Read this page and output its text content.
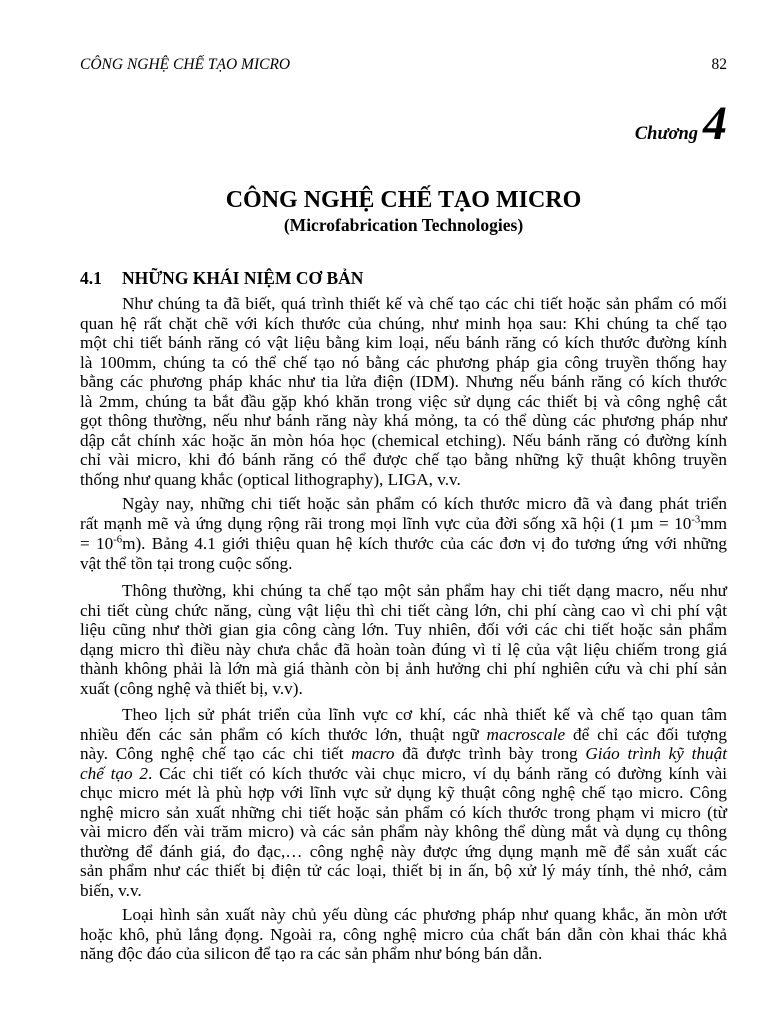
CÔNG NGHỆ CHẾ TẠO MICRO	82
Chương 4
CÔNG NGHỆ CHẾ TẠO MICRO
(Microfabrication Technologies)
4.1 NHỮNG KHÁI NIỆM CƠ BẢN
Như chúng ta đã biết, quá trình thiết kế và chế tạo các chi tiết hoặc sản phẩm có mối
quan hệ rất chặt chẽ với kích thước của chúng, như minh họa sau: Khi chúng ta chế tạo
một chi tiết bánh răng có vật liệu bằng kim loại, nếu bánh răng có kích thước đường kính
là 100mm, chúng ta có thể chế tạo nó bằng các phương pháp gia công truyền thống hay
bằng các phương pháp khác như tia lửa điện (IDM). Nhưng nếu bánh răng có kích thước
là 2mm, chúng ta bắt đầu gặp khó khăn trong việc sử dụng các thiết bị và công nghệ cắt
gọt thông thường, nếu như bánh răng này khá mỏng, ta có thể dùng các phương pháp như
dập cắt chính xác hoặc ăn mòn hóa học (chemical etching). Nếu bánh răng có đường kính
chỉ vài micro, khi đó bánh răng có thể được chế tạo bằng những kỹ thuật không truyền
thống như quang khắc (optical lithography), LIGA, v.v.
Ngày nay, những chi tiết hoặc sản phẩm có kích thước micro đã và đang phát triển
rất mạnh mẽ và ứng dụng rộng rãi trong mọi lĩnh vực của đời sống xã hội (1 $\mu m = 10^{-3}mm$
= $10^{-6}m$). Bảng 4.1 giới thiệu quan hệ kích thước của các đơn vị đo tương ứng với những
vật thể tồn tại trong cuộc sống.
Thông thường, khi chúng ta chế tạo một sản phẩm hay chi tiết dạng macro, nếu như
chi tiết cùng chức năng, cùng vật liệu thì chi tiết càng lớn, chi phí càng cao vì chi phí vật
liệu cũng như thời gian gia công càng lớn. Tuy nhiên, đối với các chi tiết hoặc sản phẩm
dạng micro thì điều này chưa chắc đã hoàn toàn đúng vì tỉ lệ của vật liệu chiếm trong giá
thành không phải là lớn mà giá thành còn bị ảnh hưởng chi phí nghiên cứu và chi phí sản
xuất (công nghệ và thiết bị, v.v).
Theo lịch sử phát triển của lĩnh vực cơ khí, các nhà thiết kế và chế tạo quan tâm
nhiều đến các sản phẩm có kích thước lớn, thuật ngữ macroscale để chỉ các đối tượng
này. Công nghệ chế tạo các chi tiết macro đã được trình bày trong Giáo trình kỹ thuật
chế tạo 2. Các chi tiết có kích thước vài chục micro, ví dụ bánh răng có đường kính vài
chục micro mét là phù hợp với lĩnh vực sử dụng kỹ thuật công nghệ chế tạo micro. Công
nghệ micro sản xuất những chi tiết hoặc sản phẩm có kích thước trong phạm vi micro (từ
vài micro đến vài trăm micro) và các sản phẩm này không thể dùng mắt và dụng cụ thông
thường để đánh giá, đo đạc,… công nghệ này được ứng dụng mạnh mẽ để sản xuất các
sản phẩm như các thiết bị điện tử các loại, thiết bị in ấn, bộ xử lý máy tính, thẻ nhớ, cảm
biến, v.v.
Loại hình sản xuất này chủ yếu dùng các phương pháp như quang khắc, ăn mòn ướt
hoặc khô, phủ lắng đọng. Ngoài ra, công nghệ micro của chất bán dẫn còn khai thác khả
năng độc đáo của silicon để tạo ra các sản phẩm như bóng bán dẫn.
